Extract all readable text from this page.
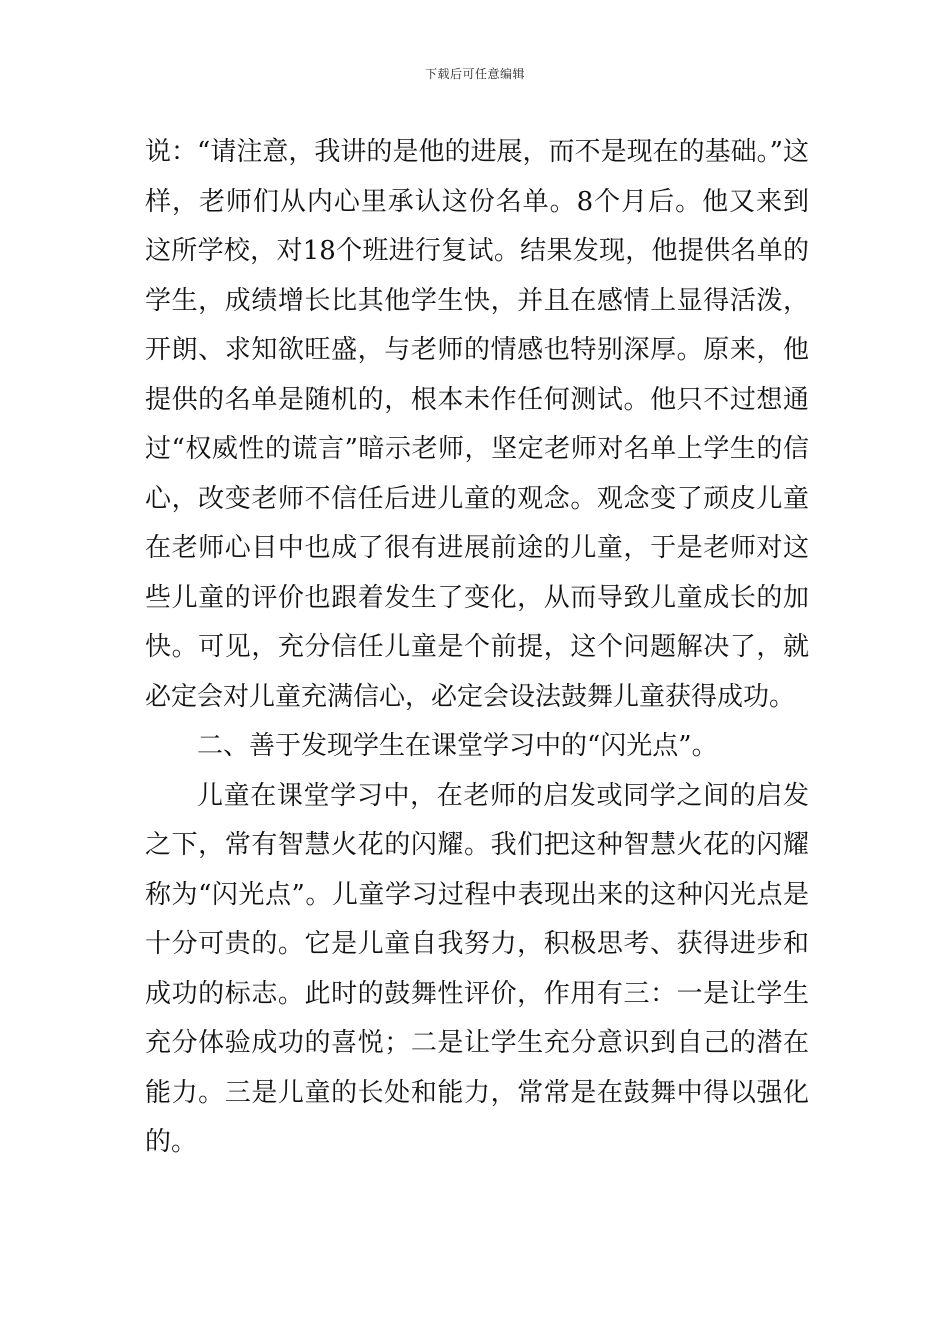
下载后可任意编辑

说：“请注意，我讲的是他的进展，而不是现在的基础。”这样，老师们从内心里承认这份名单。8个月后。他又来到这所学校，对18个班进行复试。结果发现，他提供名单的学生，成绩增长比其他学生快，并且在感情上显得活泼，开朗、求知欲旺盛，与老师的情感也特别深厚。原来，他提供的名单是随机的，根本未作任何测试。他只不过想通过“权威性的谎言”暗示老师，坚定老师对名单上学生的信心，改变老师不信任后进儿童的观念。观念变了顽皮儿童在老师心目中也成了很有进展前途的儿童，于是老师对这些儿童的评价也跟着发生了变化，从而导致儿童成长的加快。可见，充分信任儿童是个前提，这个问题解决了，就必定会对儿童充满信心，必定会设法鼓舞儿童获得成功。

二、善于发现学生在课堂学习中的“闪光点”。

儿童在课堂学习中，在老师的启发或同学之间的启发之下，常有智慧火花的闪耀。我们把这种智慧火花的闪耀称为“闪光点”。儿童学习过程中表现出来的这种闪光点是十分可贵的。它是儿童自我努力，积极思考、获得进步和成功的标志。此时的鼓舞性评价，作用有三：一是让学生充分体验成功的喜悦；二是让学生充分意识到自己的潜在能力。三是儿童的长处和能力，常常是在鼓舞中得以强化的。
